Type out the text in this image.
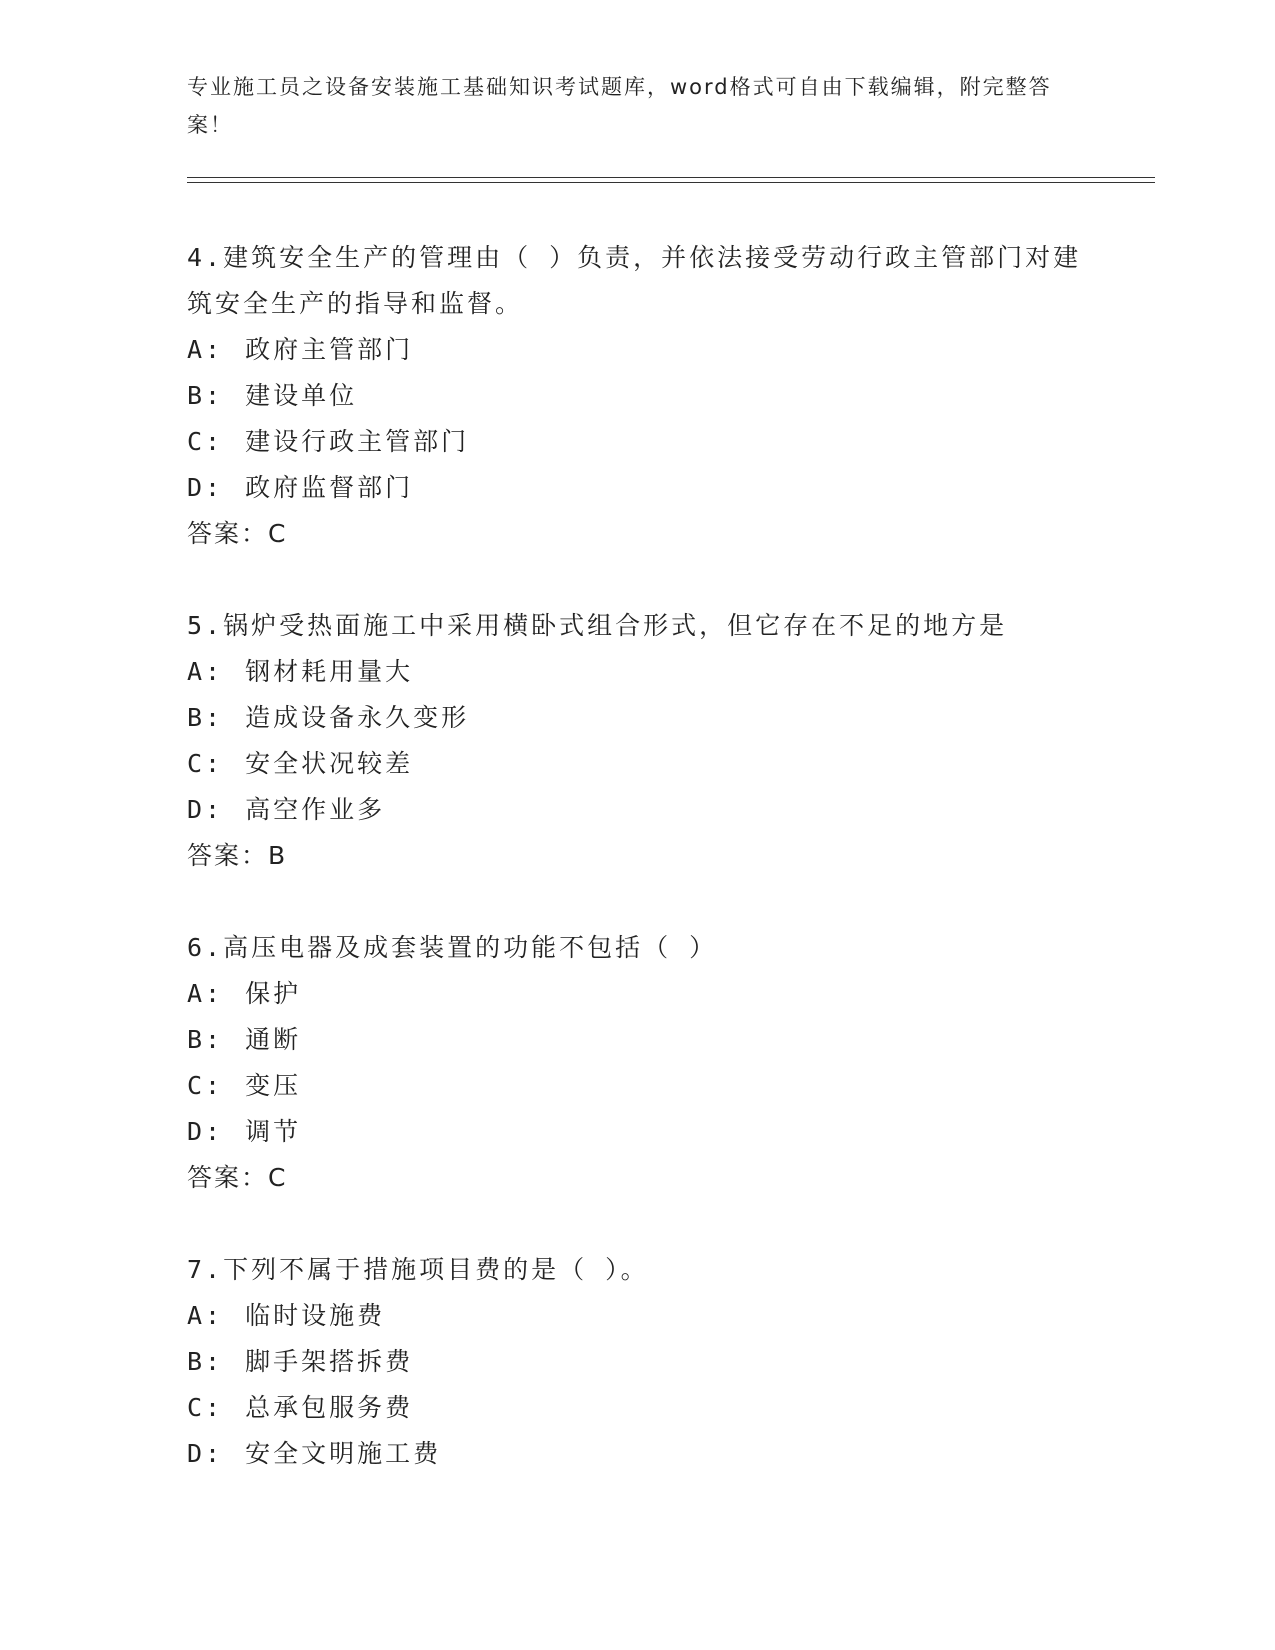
专业施工员之设备安装施工基础知识考试题库，word格式可自由下载编辑，附完整答案！

4.建筑安全生产的管理由（ ）负责，并依法接受劳动行政主管部门对建筑安全生产的指导和监督。

A: 政府主管部门

B: 建设单位

C: 建设行政主管部门

D: 政府监督部门

答案：C

5.锅炉受热面施工中采用横卧式组合形式，但它存在不足的地方是

A: 钢材耗用量大

B: 造成设备永久变形

C: 安全状况较差

D: 高空作业多

答案：B

6.高压电器及成套装置的功能不包括（ ）

A: 保护

B: 通断

C: 变压

D: 调节

答案：C

7.下列不属于措施项目费的是（ ）。

A: 临时设施费

B: 脚手架搭拆费

C: 总承包服务费

D: 安全文明施工费
